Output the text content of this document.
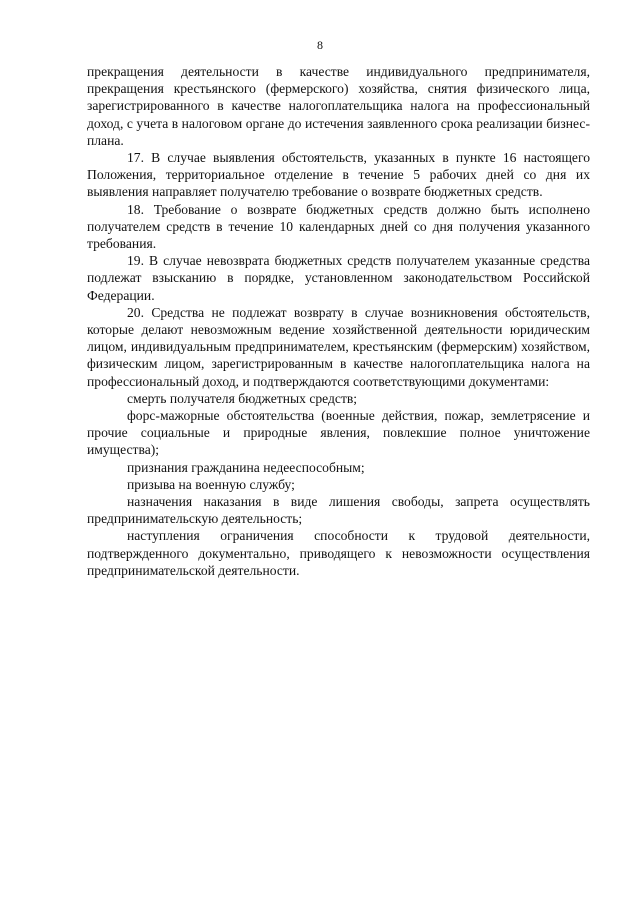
8

прекращения деятельности в качестве индивидуального предпринимателя, прекращения крестьянского (фермерского) хозяйства, снятия физического лица, зарегистрированного в качестве налогоплательщика налога на профессиональный доход, с учета в налоговом органе до истечения заявленного срока реализации бизнес-плана.

17. В случае выявления обстоятельств, указанных в пункте 16 настоящего Положения, территориальное отделение в течение 5 рабочих дней со дня их выявления направляет получателю требование о возврате бюджетных средств.

18. Требование о возврате бюджетных средств должно быть исполнено получателем средств в течение 10 календарных дней со дня получения указанного требования.

19. В случае невозврата бюджетных средств получателем указанные средства подлежат взысканию в порядке, установленном законодательством Российской Федерации.

20. Средства не подлежат возврату в случае возникновения обстоятельств, которые делают невозможным ведение хозяйственной деятельности юридическим лицом, индивидуальным предпринимателем, крестьянским (фермерским) хозяйством, физическим лицом, зарегистрированным в качестве налогоплательщика налога на профессиональный доход, и подтверждаются соответствующими документами:

смерть получателя бюджетных средств;

форс-мажорные обстоятельства (военные действия, пожар, землетрясение и прочие социальные и природные явления, повлекшие полное уничтожение имущества);

признания гражданина недееспособным;

призыва на военную службу;

назначения наказания в виде лишения свободы, запрета осуществлять предпринимательскую деятельность;

наступления ограничения способности к трудовой деятельности, подтвержденного документально, приводящего к невозможности осуществления предпринимательской деятельности.
